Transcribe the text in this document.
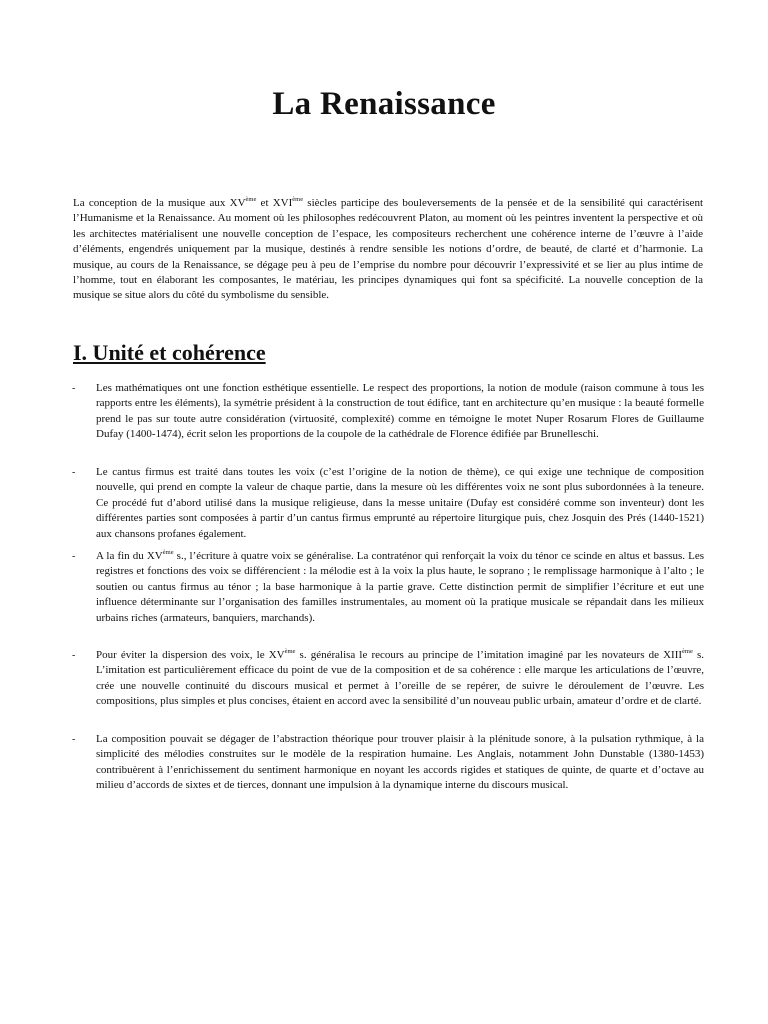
La Renaissance

La conception de la musique aux XVème et XVIème siècles participe des bouleversements de la pensée et de la sensibilité qui caractérisent l’Humanisme et la Renaissance. Au moment où les philosophes redécouvrent Platon, au moment où les peintres inventent la perspective et où les architectes matérialisent une nouvelle conception de l’espace, les compositeurs recherchent une cohérence interne de l’œuvre à l’aide d’éléments, engendrés uniquement par la musique, destinés à rendre sensible les notions d’ordre, de beauté, de clarté et d’harmonie. La musique, au cours de la Renaissance, se dégage peu à peu de l’emprise du nombre pour découvrir l’expressivité et se lier au plus intime de l’homme, tout en élaborant les composantes, le matériau, les principes dynamiques qui font sa spécificité. La nouvelle conception de la musique se situe alors du côté du symbolisme du sensible.

I. Unité et cohérence
- Les mathématiques ont une fonction esthétique essentielle. Le respect des proportions, la notion de module (raison commune à tous les rapports entre les éléments), la symétrie président à la construction de tout édifice, tant en architecture qu’en musique : la beauté formelle prend le pas sur toute autre considération (virtuosité, complexité) comme en témoigne le motet Nuper Rosarum Flores de Guillaume Dufay (1400-1474), écrit selon les proportions de la coupole de la cathédrale de Florence édifiée par Brunelleschi.

- Le cantus firmus est traité dans toutes les voix (c’est l’origine de la notion de thème), ce qui exige une technique de composition nouvelle, qui prend en compte la valeur de chaque partie, dans la mesure où les différentes voix ne sont plus subordonnées à la teneure. Ce procédé fut d’abord utilisé dans la musique religieuse, dans la messe unitaire (Dufay est considéré comme son inventeur) dont les différentes parties sont composées à partir d’un cantus firmus emprunté au répertoire liturgique puis, chez Josquin des Prés (1440-1521) aux chansons profanes également.

- A la fin du XVème s., l’écriture à quatre voix se généralise. La contraténor qui renforçait la voix du ténor ce scinde en altus et bassus. Les registres et fonctions des voix se différencient : la mélodie est à la voix la plus haute, le soprano ; le remplissage harmonique à l’alto ; le soutien ou cantus firmus au ténor ; la base harmonique à la partie grave. Cette distinction permit de simplifier l’écriture et eut une influence déterminante sur l’organisation des familles instrumentales, au moment où la pratique musicale se répandait dans les milieux urbains riches (armateurs, banquiers, marchands).

- Pour éviter la dispersion des voix, le XVème s. généralisa le recours au principe de l’imitation imaginé par les novateurs de XIIIème s. L’imitation est particulièrement efficace du point de vue de la composition et de sa cohérence : elle marque les articulations de l’œuvre, crée une nouvelle continuité du discours musical et permet à l’oreille de se repérer, de suivre le déroulement de l’œuvre. Les compositions, plus simples et plus concises, étaient en accord avec la sensibilité d’un nouveau public urbain, amateur d’ordre et de clarté.

- La composition pouvait se dégager de l’abstraction théorique pour trouver plaisir à la plénitude sonore, à la pulsation rythmique, à la simplicité des mélodies construites sur le modèle de la respiration humaine. Les Anglais, notamment John Dunstable (1380-1453) contribuèrent à l’enrichissement du sentiment harmonique en noyant les accords rigides et statiques de quinte, de quarte et d’octave au milieu d’accords de sixtes et de tierces, donnant une impulsion à la dynamique interne du discours musical.
